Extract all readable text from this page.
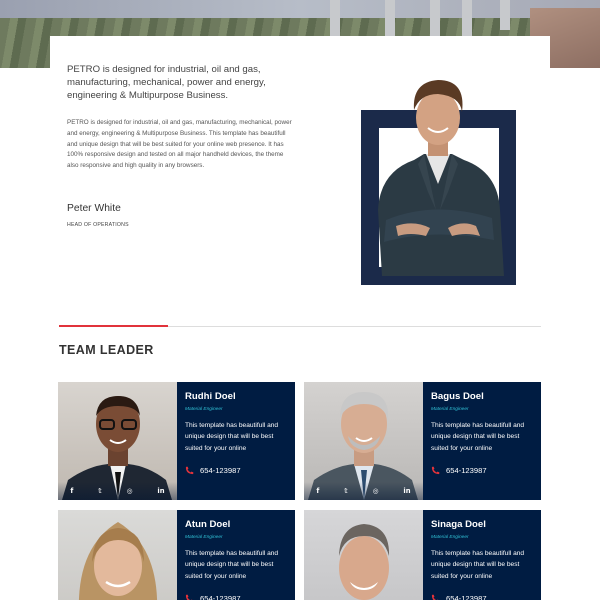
PETRO is designed for industrial, oil and gas, manufacturing, mechanical, power and energy, engineering & Multipurpose Business.

PETRO is designed for industrial, oil and gas, manufacturing, mechanical, power and energy, engineering & Multipurpose Business. This template has beautifull and unique design that will be best suited for your online web presence. It has 100% responsive design and tested on all major handheld devices, the theme also responsive and high quality in any browsers.

Peter White
HEAD OF OPERATIONS
TEAM LEADER
f	𝕥	◎	in
Rudhi Doel
Material Engineer

This template has beautifull and unique design that will be best suited for your online

654-123987
f	𝕥	◎	in
Bagus Doel
Material Engineer

This template has beautifull and unique design that will be best suited for your online

654-123987
Atun Doel
Material Engineer

This template has beautifull and unique design that will be best suited for your online

654-123987
Sinaga Doel
Material Engineer

This template has beautifull and unique design that will be best suited for your online

654-123987
